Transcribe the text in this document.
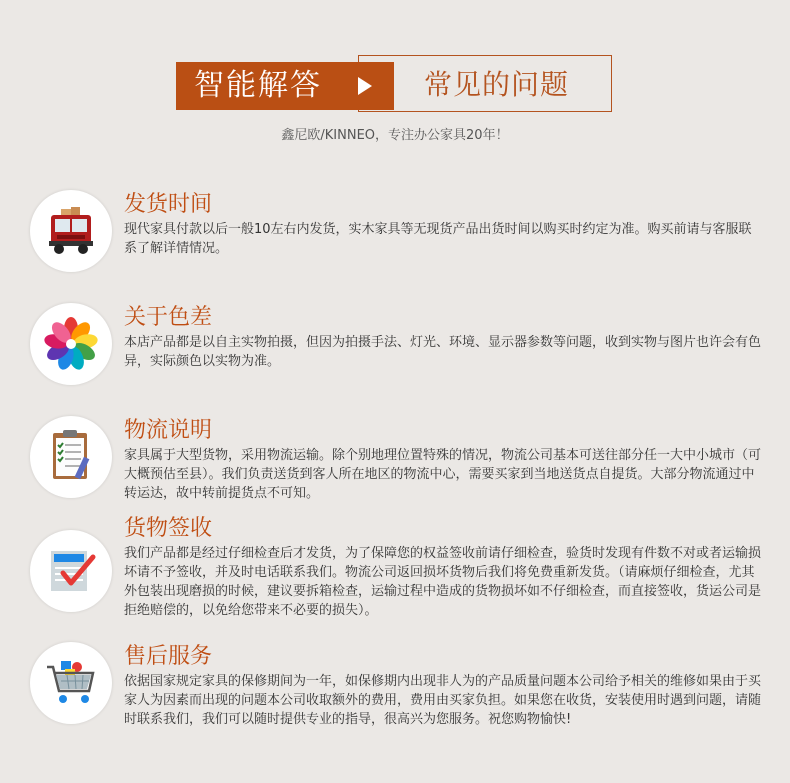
智能解答	常见的问题
鑫尼欧/KINNEO，专注办公家具20年！
发货时间

现代家具付款以后一般10左右内发货，实木家具等无现货产品出货时间以购买时约定为准。购买前请与客服联系了解详情情况。

关于色差

本店产品都是以自主实物拍摄，但因为拍摄手法、灯光、环境、显示器参数等问题，收到实物与图片也许会有色异，实际颜色以实物为准。

物流说明

家具属于大型货物，采用物流运输。除个别地理位置特殊的情况，物流公司基本可送往部分任一大中小城市（可大概预估至县）。我们负责送货到客人所在地区的物流中心，需要买家到当地送货点自提货。大部分物流通过中转运达，故中转前提货点不可知。

货物签收

我们产品都是经过仔细检查后才发货，为了保障您的权益签收前请仔细检查，验货时发现有件数不对或者运输损坏请不予签收，并及时电话联系我们。物流公司返回损坏货物后我们将免费重新发货。（请麻烦仔细检查，尤其外包装出现磨损的时候，建议要拆箱检查，运输过程中造成的货物损坏如不仔细检查，而直接签收，货运公司是拒绝赔偿的，以免给您带来不必要的损失）。

售后服务

依据国家规定家具的保修期间为一年，如保修期内出现非人为的产品质量问题本公司给予相关的维修如果由于买家人为因素而出现的问题本公司收取额外的费用，费用由买家负担。如果您在收货，安装使用时遇到问题，请随时联系我们，我们可以随时提供专业的指导，很高兴为您服务。祝您购物愉快!
